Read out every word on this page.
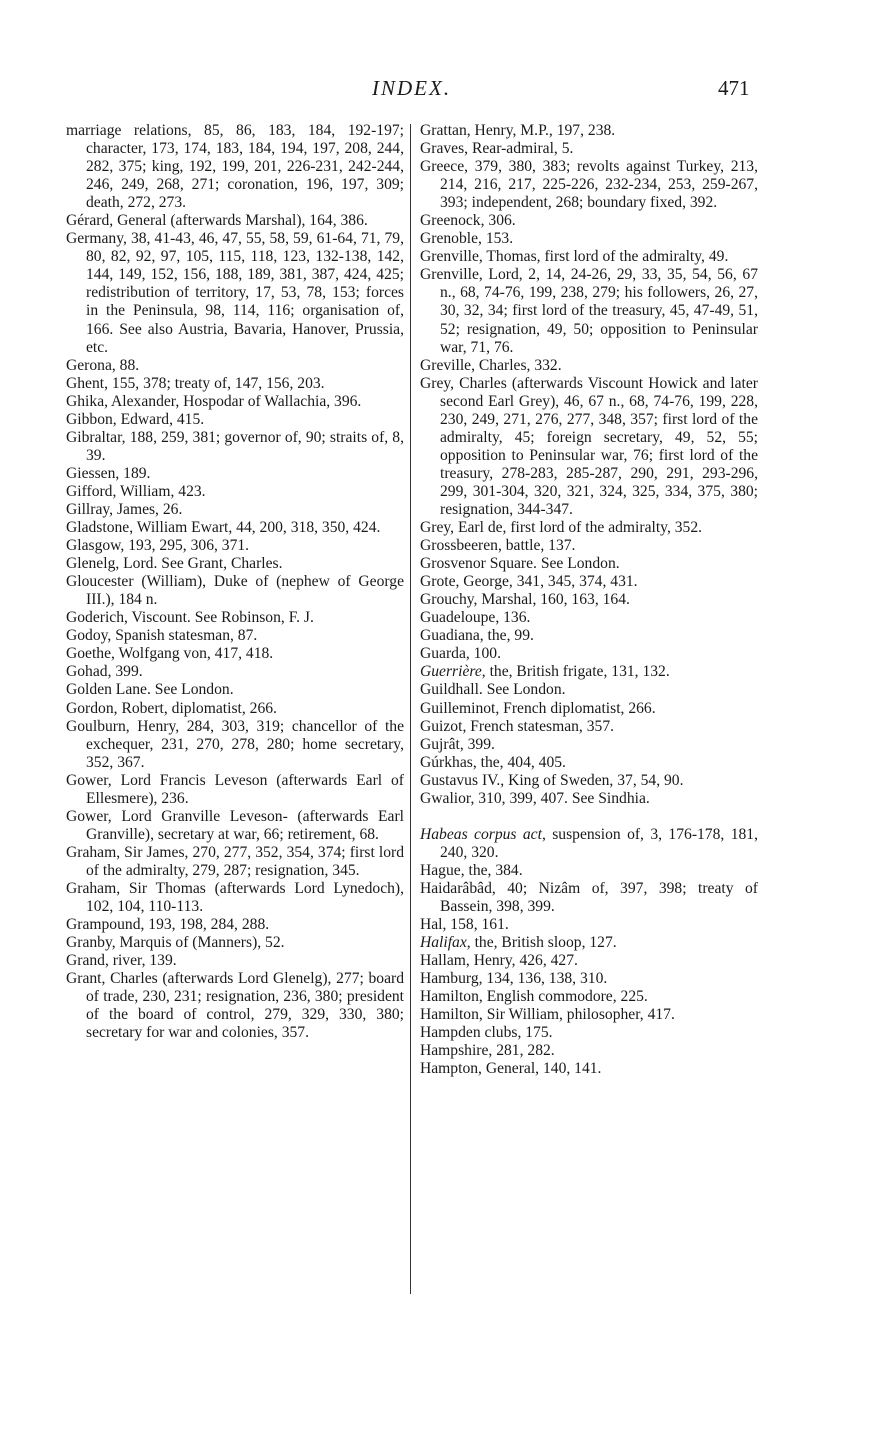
INDEX.	471

marriage relations, 85, 86, 183, 184, 192-197; character, 173, 174, 183, 184, 194, 197, 208, 244, 282, 375; king, 192, 199, 201, 226-231, 242-244, 246, 249, 268, 271; coronation, 196, 197, 309; death, 272, 273.

Gérard, General (afterwards Marshal), 164, 386.

Germany, 38, 41-43, 46, 47, 55, 58, 59, 61-64, 71, 79, 80, 82, 92, 97, 105, 115, 118, 123, 132-138, 142, 144, 149, 152, 156, 188, 189, 381, 387, 424, 425; redistribution of territory, 17, 53, 78, 153; forces in the Peninsula, 98, 114, 116; organisation of, 166. See also Austria, Bavaria, Hanover, Prussia, etc.

Gerona, 88.

Ghent, 155, 378; treaty of, 147, 156, 203.

Ghika, Alexander, Hospodar of Wallachia, 396.

Gibbon, Edward, 415.

Gibraltar, 188, 259, 381; governor of, 90; straits of, 8, 39.

Giessen, 189.

Gifford, William, 423.

Gillray, James, 26.

Gladstone, William Ewart, 44, 200, 318, 350, 424.

Glasgow, 193, 295, 306, 371.

Glenelg, Lord. See Grant, Charles.

Gloucester (William), Duke of (nephew of George III.), 184 n.

Goderich, Viscount. See Robinson, F. J.

Godoy, Spanish statesman, 87.

Goethe, Wolfgang von, 417, 418.

Gohad, 399.

Golden Lane. See London.

Gordon, Robert, diplomatist, 266.

Goulburn, Henry, 284, 303, 319; chancellor of the exchequer, 231, 270, 278, 280; home secretary, 352, 367.

Gower, Lord Francis Leveson (afterwards Earl of Ellesmere), 236.

Gower, Lord Granville Leveson- (afterwards Earl Granville), secretary at war, 66; retirement, 68.

Graham, Sir James, 270, 277, 352, 354, 374; first lord of the admiralty, 279, 287; resignation, 345.

Graham, Sir Thomas (afterwards Lord Lynedoch), 102, 104, 110-113.

Grampound, 193, 198, 284, 288.

Granby, Marquis of (Manners), 52.

Grand, river, 139.

Grant, Charles (afterwards Lord Glenelg), 277; board of trade, 230, 231; resignation, 236, 380; president of the board of control, 279, 329, 330, 380; secretary for war and colonies, 357.

Grattan, Henry, M.P., 197, 238.

Graves, Rear-admiral, 5.

Greece, 379, 380, 383; revolts against Turkey, 213, 214, 216, 217, 225-226, 232-234, 253, 259-267, 393; independent, 268; boundary fixed, 392.

Greenock, 306.

Grenoble, 153.

Grenville, Thomas, first lord of the admiralty, 49.

Grenville, Lord, 2, 14, 24-26, 29, 33, 35, 54, 56, 67 n., 68, 74-76, 199, 238, 279; his followers, 26, 27, 30, 32, 34; first lord of the treasury, 45, 47-49, 51, 52; resignation, 49, 50; opposition to Peninsular war, 71, 76.

Greville, Charles, 332.

Grey, Charles (afterwards Viscount Howick and later second Earl Grey), 46, 67 n., 68, 74-76, 199, 228, 230, 249, 271, 276, 277, 348, 357; first lord of the admiralty, 45; foreign secretary, 49, 52, 55; opposition to Peninsular war, 76; first lord of the treasury, 278-283, 285-287, 290, 291, 293-296, 299, 301-304, 320, 321, 324, 325, 334, 375, 380; resignation, 344-347.

Grey, Earl de, first lord of the admiralty, 352.

Grossbeeren, battle, 137.

Grosvenor Square. See London.

Grote, George, 341, 345, 374, 431.

Grouchy, Marshal, 160, 163, 164.

Guadeloupe, 136.

Guadiana, the, 99.

Guarda, 100.

Guerrière, the, British frigate, 131, 132.

Guildhall. See London.

Guilleminot, French diplomatist, 266.

Guizot, French statesman, 357.

Gujrât, 399.

Gúrkhas, the, 404, 405.

Gustavus IV., King of Sweden, 37, 54, 90.

Gwalior, 310, 399, 407. See Sindhia.

Habeas corpus act, suspension of, 3, 176-178, 181, 240, 320.

Hague, the, 384.

Haidarâbâd, 40; Nizâm of, 397, 398; treaty of Bassein, 398, 399.

Hal, 158, 161.

Halifax, the, British sloop, 127.

Hallam, Henry, 426, 427.

Hamburg, 134, 136, 138, 310.

Hamilton, English commodore, 225.

Hamilton, Sir William, philosopher, 417.

Hampden clubs, 175.

Hampshire, 281, 282.

Hampton, General, 140, 141.
